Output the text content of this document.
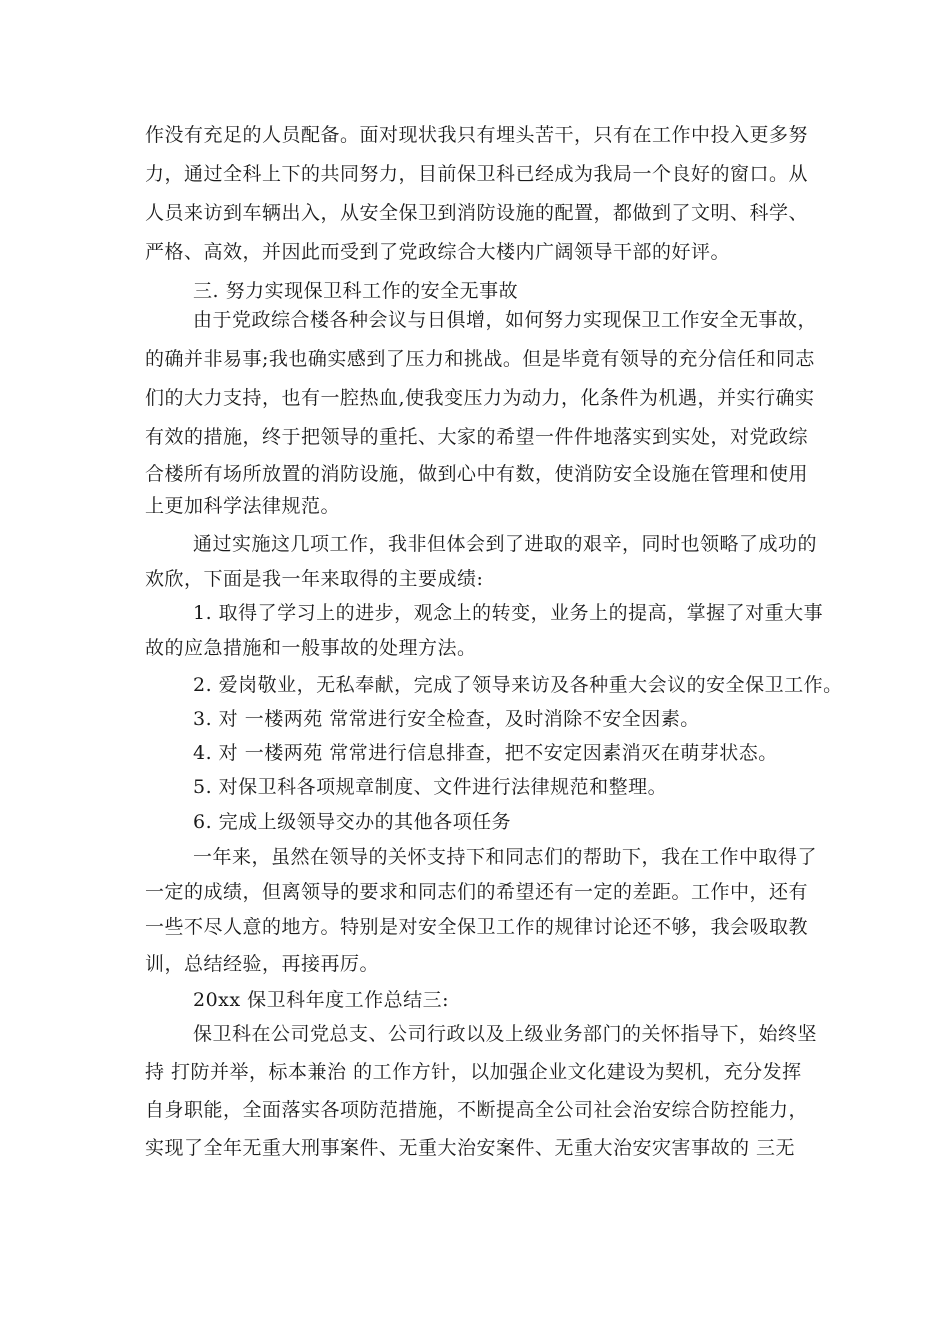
作没有充足的人员配备。面对现状我只有埋头苦干，只有在工作中投入更多努
力，通过全科上下的共同努力，目前保卫科已经成为我局一个良好的窗口。从
人员来访到车辆出入，从安全保卫到消防设施的配置，都做到了文明、科学、
严格、高效，并因此而受到了党政综合大楼内广阔领导干部的好评。
三. 努力实现保卫科工作的安全无事故
由于党政综合楼各种会议与日俱增，如何努力实现保卫工作安全无事故，
的确并非易事;我也确实感到了压力和挑战。但是毕竟有领导的充分信任和同志
们的大力支持，也有一腔热血,使我变压力为动力，化条件为机遇，并实行确实
有效的措施，终于把领导的重托、大家的希望一件件地落实到实处，对党政综
合楼所有场所放置的消防设施，做到心中有数，使消防安全设施在管理和使用
上更加科学法律规范。
通过实施这几项工作，我非但体会到了进取的艰辛，同时也领略了成功的
欢欣，下面是我一年来取得的主要成绩:
1. 取得了学习上的进步，观念上的转变，业务上的提高，掌握了对重大事
故的应急措施和一般事故的处理方法。
2. 爱岗敬业，无私奉献，完成了领导来访及各种重大会议的安全保卫工作。
3. 对 一楼两苑 常常进行安全检查，及时消除不安全因素。
4. 对 一楼两苑 常常进行信息排查，把不安定因素消灭在萌芽状态。
5. 对保卫科各项规章制度、文件进行法律规范和整理。
6. 完成上级领导交办的其他各项任务
一年来，虽然在领导的关怀支持下和同志们的帮助下，我在工作中取得了
一定的成绩，但离领导的要求和同志们的希望还有一定的差距。工作中，还有
一些不尽人意的地方。特别是对安全保卫工作的规律讨论还不够，我会吸取教
训，总结经验，再接再厉。
20xx 保卫科年度工作总结三:
保卫科在公司党总支、公司行政以及上级业务部门的关怀指导下，始终坚
持 打防并举，标本兼治 的工作方针，以加强企业文化建设为契机，充分发挥
自身职能，全面落实各项防范措施，不断提高全公司社会治安综合防控能力，
实现了全年无重大刑事案件、无重大治安案件、无重大治安灾害事故的 三无
